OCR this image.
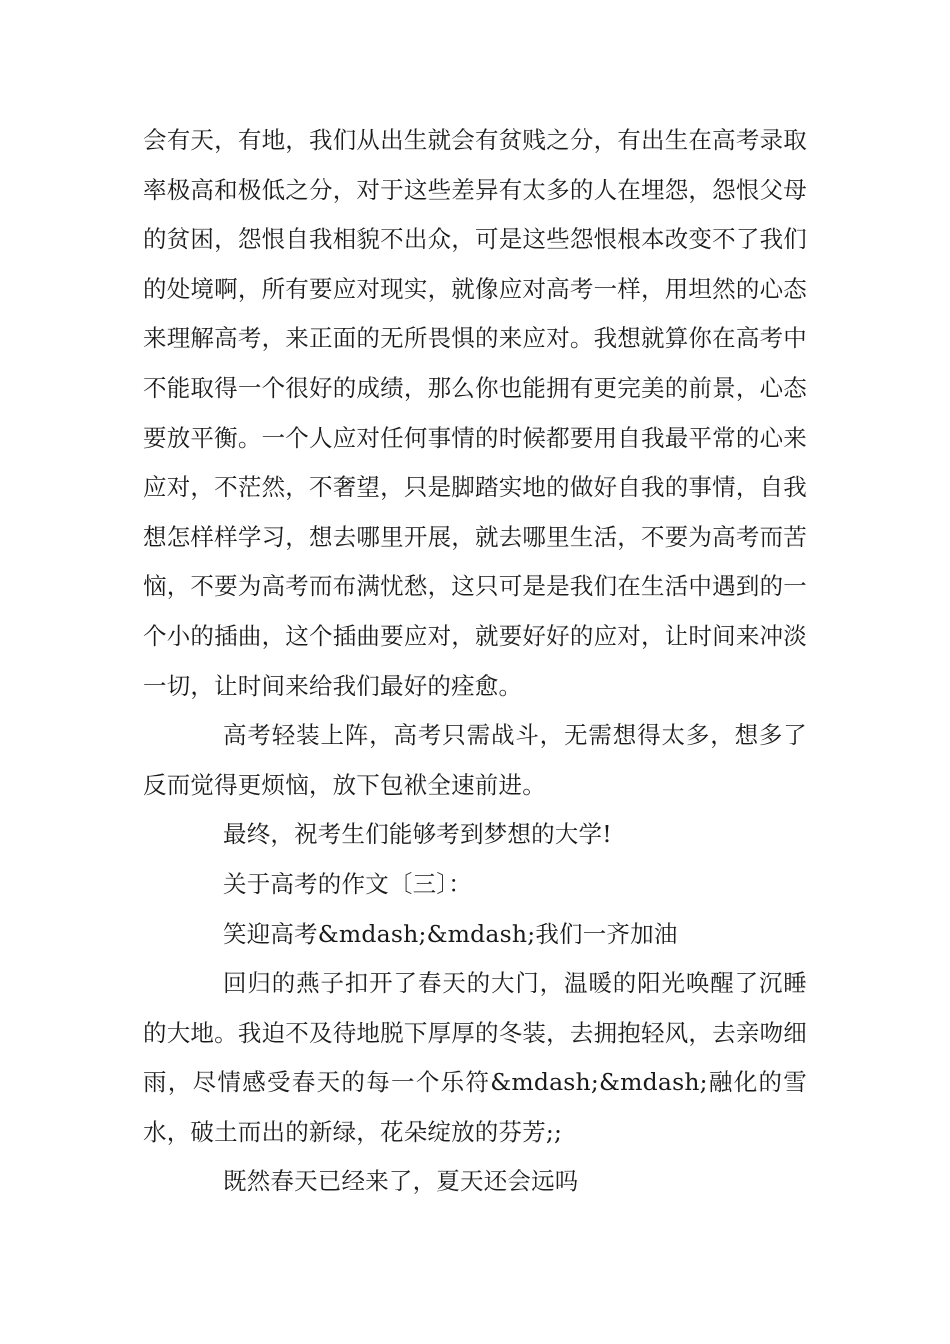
会有天，有地，我们从出生就会有贫贱之分，有出生在高考录取率极高和极低之分，对于这些差异有太多的人在埋怨，怨恨父母的贫困，怨恨自我相貌不出众，可是这些怨恨根本改变不了我们的处境啊，所有要应对现实，就像应对高考一样，用坦然的心态来理解高考，来正面的无所畏惧的来应对。我想就算你在高考中不能取得一个很好的成绩，那么你也能拥有更完美的前景，心态要放平衡。一个人应对任何事情的时候都要用自我最平常的心来应对，不茫然，不奢望，只是脚踏实地的做好自我的事情，自我想怎样样学习，想去哪里开展，就去哪里生活，不要为高考而苦恼，不要为高考而布满忧愁，这只可是是我们在生活中遇到的一个小的插曲，这个插曲要应对，就要好好的应对，让时间来冲淡一切，让时间来给我们最好的痊愈。

高考轻装上阵，高考只需战斗，无需想得太多，想多了反而觉得更烦恼，放下包袱全速前进。

最终，祝考生们能够考到梦想的大学!

关于高考的作文〔三〕：

笑迎高考&mdash;&mdash;我们一齐加油

回归的燕子扣开了春天的大门，温暖的阳光唤醒了沉睡的大地。我迫不及待地脱下厚厚的冬装，去拥抱轻风，去亲吻细雨，尽情感受春天的每一个乐符&mdash;&mdash;融化的雪水，破土而出的新绿，花朵绽放的芬芳;;

既然春天已经来了，夏天还会远吗
